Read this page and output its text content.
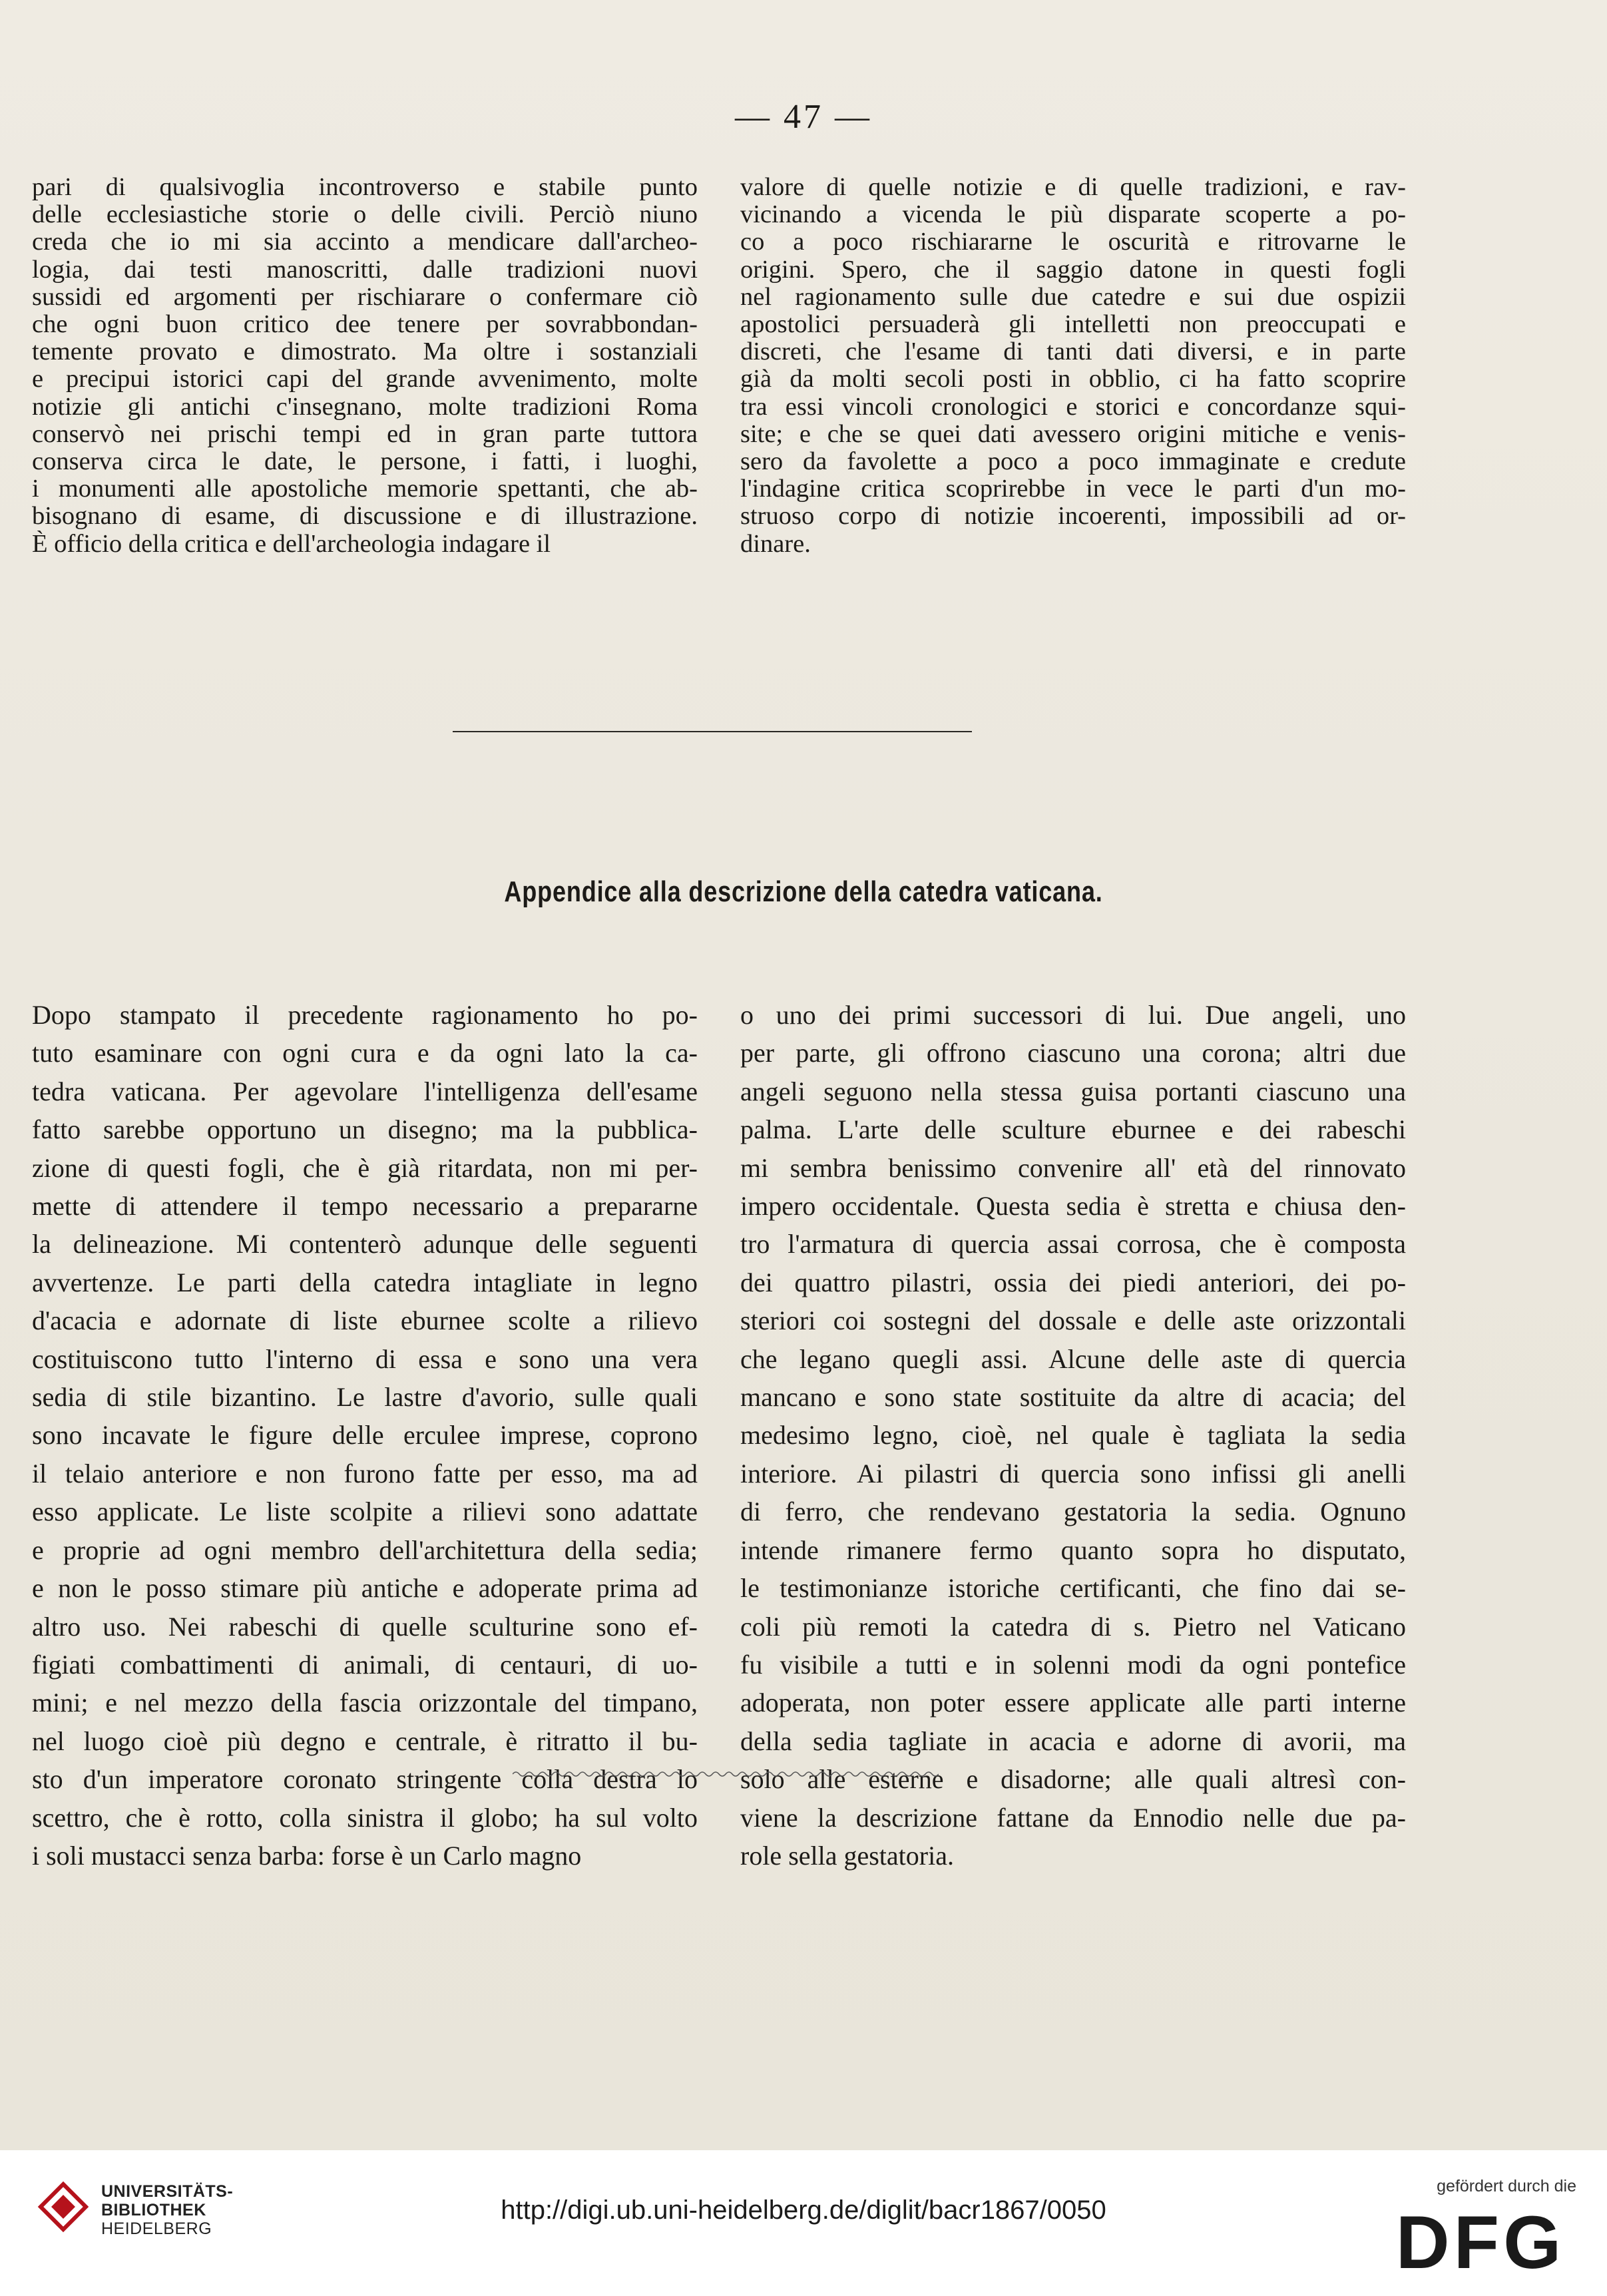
— 47 —
pari di qualsivoglia incontroverso e stabile punto
delle ecclesiastiche storie o delle civili. Perciò niuno
creda che io mi sia accinto a mendicare dall'archeo-
logia, dai testi manoscritti, dalle tradizioni nuovi
sussidi ed argomenti per rischiarare o confermare ciò
che ogni buon critico dee tenere per sovrabbondan-
temente provato e dimostrato. Ma oltre i sostanziali
e precipui istorici capi del grande avvenimento, molte
notizie gli antichi c'insegnano, molte tradizioni Roma
conservò nei prischi tempi ed in gran parte tuttora
conserva circa le date, le persone, i fatti, i luoghi,
i monumenti alle apostoliche memorie spettanti, che ab-
bisognano di esame, di discussione e di illustrazione.
È officio della critica e dell'archeologia indagare il
valore di quelle notizie e di quelle tradizioni, e rav-
vicinando a vicenda le più disparate scoperte a po-
co a poco rischiararne le oscurità e ritrovarne le
origini. Spero, che il saggio datone in questi fogli
nel ragionamento sulle due catedre e sui due ospizii
apostolici persuaderà gli intelletti non preoccupati e
discreti, che l'esame di tanti dati diversi, e in parte
già da molti secoli posti in obblio, ci ha fatto scoprire
tra essi vincoli cronologici e storici e concordanze squi-
site; e che se quei dati avessero origini mitiche e venis-
sero da favolette a poco a poco immaginate e credute
l'indagine critica scoprirebbe in vece le parti d'un mo-
struoso corpo di notizie incoerenti, impossibili ad or-
dinare.
Appendice alla descrizione della catedra vaticana.
Dopo stampato il precedente ragionamento ho po-
tuto esaminare con ogni cura e da ogni lato la ca-
tedra vaticana. Per agevolare l'intelligenza dell'esame
fatto sarebbe opportuno un disegno; ma la pubblica-
zione di questi fogli, che è già ritardata, non mi per-
mette di attendere il tempo necessario a prepararne
la delineazione. Mi contenterò adunque delle seguenti
avvertenze. Le parti della catedra intagliate in legno
d'acacia e adornate di liste eburnee scolte a rilievo
costituiscono tutto l'interno di essa e sono una vera
sedia di stile bizantino. Le lastre d'avorio, sulle quali
sono incavate le figure delle erculee imprese, coprono
il telaio anteriore e non furono fatte per esso, ma ad
esso applicate. Le liste scolpite a rilievi sono adattate
e proprie ad ogni membro dell'architettura della sedia;
e non le posso stimare più antiche e adoperate prima ad
altro uso. Nei rabeschi di quelle sculturine sono ef-
figiati combattimenti di animali, di centauri, di uo-
mini; e nel mezzo della fascia orizzontale del timpano,
nel luogo cioè più degno e centrale, è ritratto il bu-
sto d'un imperatore coronato stringente colla destra lo
scettro, che è rotto, colla sinistra il globo; ha sul volto
i soli mustacci senza barba: forse è un Carlo magno
o uno dei primi successori di lui. Due angeli, uno
per parte, gli offrono ciascuno una corona; altri due
angeli seguono nella stessa guisa portanti ciascuno una
palma. L'arte delle sculture eburnee e dei rabeschi
mi sembra benissimo convenire all' età del rinnovato
impero occidentale. Questa sedia è stretta e chiusa den-
tro l'armatura di quercia assai corrosa, che è composta
dei quattro pilastri, ossia dei piedi anteriori, dei po-
steriori coi sostegni del dossale e delle aste orizzontali
che legano quegli assi. Alcune delle aste di quercia
mancano e sono state sostituite da altre di acacia; del
medesimo legno, cioè, nel quale è tagliata la sedia
interiore. Ai pilastri di quercia sono infissi gli anelli
di ferro, che rendevano gestatoria la sedia. Ognuno
intende rimanere fermo quanto sopra ho disputato,
le testimonianze istoriche certificanti, che fino dai se-
coli più remoti la catedra di s. Pietro nel Vaticano
fu visibile a tutti e in solenni modi da ogni pontefice
adoperata, non poter essere applicate alle parti interne
della sedia tagliate in acacia e adorne di avorii, ma
solo alle esterne e disadorne; alle quali altresì con-
viene la descrizione fattane da Ennodio nelle due pa-
role sella gestatoria.
UNIVERSITÄTS-
BIBLIOTHEK
HEIDELBERG
http://digi.ub.uni-heidelberg.de/diglit/bacr1867/0050
gefördert durch die
DFG
